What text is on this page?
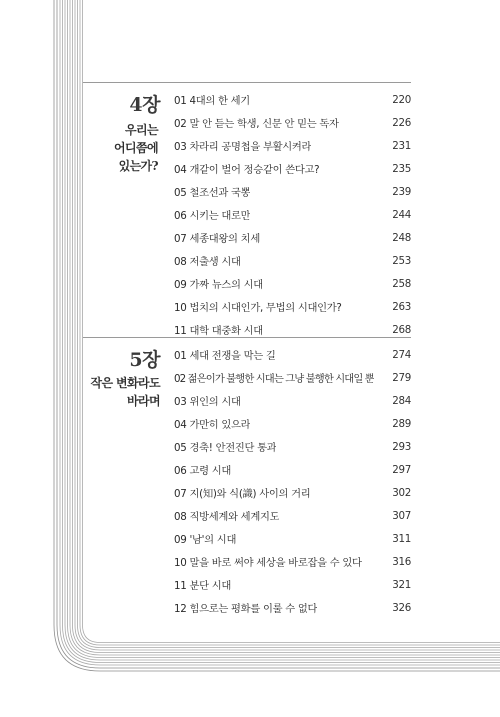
4장
우리는
어디쯤에
있는가?
01 4대의 한 세기	220
02 말 안 듣는 학생, 신문 안 믿는 독자	226
03 차라리 공명첩을 부활시켜라	231
04 개같이 벌어 정승같이 쓴다고?	235
05 철조선과 국뽕	239
06 시키는 대로만	244
07 세종대왕의 치세	248
08 저출생 시대	253
09 가짜 뉴스의 시대	258
10 법치의 시대인가, 무법의 시대인가?	263
11 대학 대중화 시대	268
5장
작은 변화라도
바라며
01 세대 전쟁을 막는 길	274
02 젊은이가 불행한 시대는 그냥 불행한 시대일 뿐	279
03 위인의 시대	284
04 가만히 있으라	289
05 경축! 안전진단 통과	293
06 고령 시대	297
07 지(知)와 식(識) 사이의 거리	302
08 직방세계와 세계지도	307
09 '남'의 시대	311
10 말을 바로 써야 세상을 바로잡을 수 있다	316
11 분단 시대	321
12 힘으로는 평화를 이룰 수 없다	326
